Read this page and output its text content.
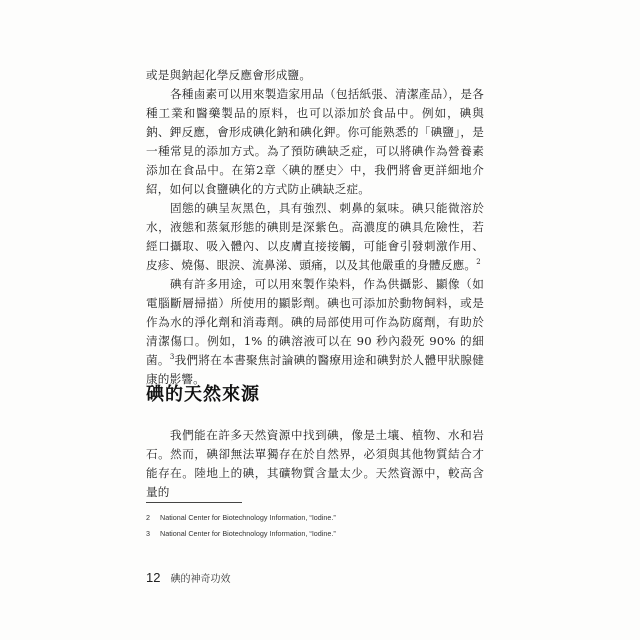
或是與鈉起化學反應會形成鹽。

各種鹵素可以用來製造家用品（包括紙張、清潔產品），是各種工業和醫藥製品的原料，也可以添加於食品中。例如，碘與鈉、鉀反應，會形成碘化鈉和碘化鉀。你可能熟悉的「碘鹽」，是一種常見的添加方式。為了預防碘缺乏症，可以將碘作為營養素添加在食品中。在第2章〈碘的歷史〉中，我們將會更詳細地介紹，如何以食鹽碘化的方式防止碘缺乏症。

固態的碘呈灰黑色，具有強烈、刺鼻的氣味。碘只能微溶於水，液態和蒸氣形態的碘則是深紫色。高濃度的碘具危險性，若經口攝取、吸入體內、以皮膚直接接觸，可能會引發刺激作用、皮疹、燒傷、眼淚、流鼻涕、頭痛，以及其他嚴重的身體反應。$^2$

碘有許多用途，可以用來製作染料，作為供攝影、顯像（如電腦斷層掃描）所使用的顯影劑。碘也可添加於動物飼料，或是作為水的淨化劑和消毒劑。碘的局部使用可作為防腐劑，有助於清潔傷口。例如，1% 的碘溶液可以在 90 秒內殺死 90% 的細菌。$^3$我們將在本書聚焦討論碘的醫療用途和碘對於人體甲狀腺健康的影響。

碘的天然來源

我們能在許多天然資源中找到碘，像是土壤、植物、水和岩石。然而，碘卻無法單獨存在於自然界，必須與其他物質結合才能存在。陸地上的碘，其礦物質含量太少。天然資源中，較高含量的

2	National Center for Biotechnology Information, “Iodine.”
3	National Center for Biotechnology Information, “Iodine.”
12 碘的神奇功效
